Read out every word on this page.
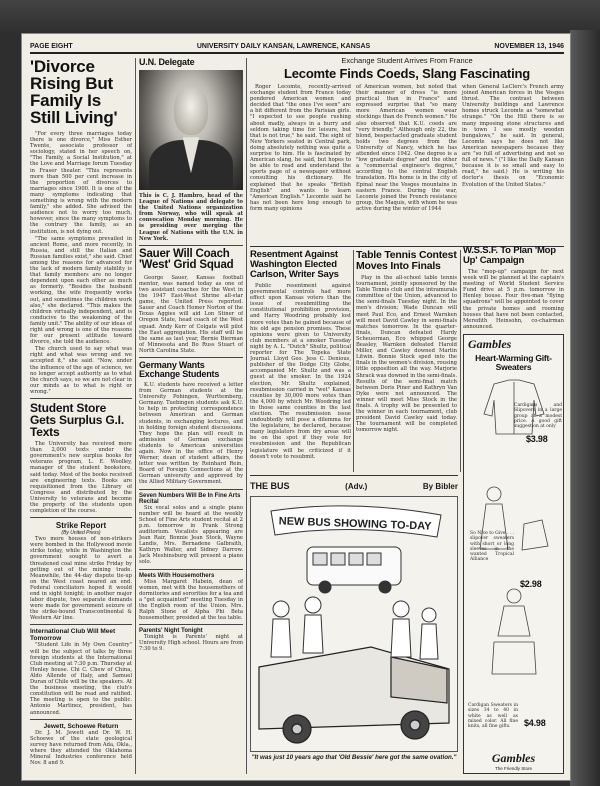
PAGE EIGHT	UNIVERSITY DAILY KANSAN, LAWRENCE, KANSAS	NOVEMBER 13, 1946
'Divorce Rising But Family Is Still Living'

"For every three marriages today there is one divorce," Miss Esther Twente, associate professor of sociology, stated in her speech on, "The Family, a Social Institution," at the Love and Marriage forum Tuesday in Fraser theater. "This represents more than 500 per cent increase in the proportion of divorces to marriages since 1900. It is one of the many symptoms indicating that something is wrong with the modern family," she added. She advised the audience not to worry too much, however, since the many symptoms to the contrary the family, as an institution, is not dying out.

"The same symptoms prevailed in ancient Rome, and more recently, in Russia, and still the Italian and Russian families exist," she said. Chief among the reasons for advanced for the lack of modern family stability is that family members are no longer dependent upon each other as much as formerly. "Besides the husband working, the wife frequently works out, and sometimes the children work also," she declared. "This makes the children virtually independent, and is conducive to the weakening of the family unit." The ability of our ideas of right and wrong is one of the reasons for our present attitude toward divorce, she told the audience.

The church used to say what was right and what was wrong and we accepted it," she said. "Now, under the influence of the age of science, we no longer accept authority as to what the church says, so we are not clear in our minds as to what is right or wrong."

Student Store Gets Surplus G.I. Texts

The University has received more than 2,000 texts under the government's new surplus books for veterans program, L. E. Woolley, manager of the student bookstore, said today. Most of the books received are engineering texts. Books are requisitioned from the Library of Congress and distributed by the University to veterans and become the property of the students upon completion of the course.

Strike Report
(By United Press)

Two more houses of non-strikers were bombed in the Hollywood movie strike today, while in Washington the government sought to avert a threatened coal mine strike Friday by getting out of the mining trade. Meanwhile, the 44-day dispute tie-up on the West coast neared an end. Federal conciliators hoped it would end in sight tonight; in another major labor dispute, two separate demands were made for government seizure of the strike-bound Transcontinental & Western Air line.

International Club Will Meet Tomorrow

"Student Life in My Own Country" will be the subject of talks by three foreign students at the International Club meeting at 7:30 p.m. Thursday at Henley house. Chi C. Chew of China, Aldo Allende of Italy, and Samuel Duran of Chile will be the speakers. At the business meeting, the club's constitution will be read and ratified. The meeting is open to the public. Antonio Martinez, president, has announced.

Jewett, Schoewe Return

Dr. J. M. Jewett and Dr. W. H. Schoewe of the state geological survey have returned from Ada, Okla., where they attended the Oklahoma Mineral Industries conference held Nov. 8 and 9.

U.N. Delegate

This is C. J. Hambro, head of the League of Nations and delegate to the United Nations organization from Norway, who will speak at convocation Monday morning. He is presiding over merging the League of Nations with the U.N. in New York.

Sauer Will Coach 'West' Grid Squad

George Sauer, Kansas football mentor, was named today as one of two assistant coaches for the West in the 1947 East-West Shrine all-star game, the United Press reported. Sauer and Coach Homer Norton of the Texas Aggies will aid Lon Stiner of Oregon State, head coach of the West squad. Andy Kerr of Colgate will pilot the East aggregation. His staff will be the same as last year, Bernie Bierman of Minnesota and Bo Russ Stuart of North Carolina State.

Germany Wants Exchange Students

K.U. students have received a letter from German students at the University Pohingen, Wurttemberg, Germany. Tuebingen students ask K.U. to help in protecting correspondence between American and German students, in exchanging lectures, and in holding foreign student discussions. They hope the plan will result in admission of German exchange students to American universities again. Now in the office of Henry Werner, dean of student affairs, the letter was written by Reinhard Rein, Board of Foreign Connections at the German university and approved by the Allied Military Government.

Seven Numbers Will Be In Fine Arts Recital

Six vocal solos and a single piano number will be heard at the weekly School of Fine Arts student recital at 2 p.m. tomorrow in Frank Strong auditorium. Vocalists appearing are Jean Rair, Bonnie Jean Stock, Wayne Landis, Mrs. Bernadene Galbraith, Kathryn Walter, and Sidney Darrow. Jack Meshinsburg will present a piano solo.

Meets With Housemothers

Miss Margaret Habein, dean of women, met with the housemothers of dormitories and sororities for a tea and a "get acquainted" meeting Tuesday in the English room of the Union. Mrs. Ralph Stone of Alpha Phi Beta housemother, presided at the tea table.

Parents' Night Tonight

Tonight is Parents' night at University High school. Hours are from 7:30 to 9.

Exchange Student Arrives From France
Lecomte Finds Coeds, Slang Fascinating

Roger Lecomte, recently-arrived exchange student from France today pondered American women and decided that "the ones I've seen" are a bit different from the Parisian girls. "I expected to see people rushing about madly, always in a hurry and seldom taking time for leisure, but that is not true," he said. The sight of New Yorkers seated in Central park, doing absolutely nothing was quite a surprise to him. He is fascinated by American slang, he said, but hopes to be able to read and understand the sports page of a newspaper without consulting his dictionary. He explained that he speaks "British English" and wants to learn "American English." Lecomte said he has not been here long enough to form many opinions

of American women, but noted that their manner of dress "is more practical than in France" and expressed surprise that "so many more American women wear stockings than do French women." He also observed that K.U. coeds are "very friendly." Although only 22, the blond, bespectacled graduate student holds two degrees from the University of Nancy, which he has attended since 1942. One degree is a "low graduate degree" and the other a "commercial engineer's degree," according to the central English translation. His home is in the city of Epinal near the Vosges mountains in eastern France. During the war, Lecomte joined the French resistance group, the Maquis, with whom he was active during the winter of 1944

when General LeClerc's French army joined American forces in the Vosges thrust. The contrast between University buildings and Lawrence homes struck Lecomte as "somewhat strange." "On the Hill there is so many imposing stone structures and in town I see mostly wooden bungalows," he said. In general, Lecomte says he does not like American newspapers because they are "so full of advertising and not so full of news." ("I like the Daily Kansan because it is so small and easy to read," he said.) He is writing his doctor's thesis on "Economic Evolution of the United States."

Resentment Against Washington Elected Carlson, Writer Says

Public resentment against governmental controls had more effect upon Kansas voters than the issue of resubmitting the constitutional prohibition provision, and Harry Woodring probably lost more votes than he gained because of his old age pension promises. These opinions were given to University club members at a smoker Tuesday night by A. L. "Dutch" Shultz, political reporter for The Topeka State Journal. Lloyd Geo. Jess C. Denious, publisher of the Dodge City Globe, accompanied Mr. Shultz and was a guest at the smoker. In the 1924 election, Mr. Shultz explained, resubmission carried in "wet" Kansas counties by 30,000 more votes than the 4,000 by which Mr. Woodring led in those same counties in the last election. The resubmission issue undoubtedly will pose a dilemma for the legislature, he declared, because many legislators from dry areas will be on the spot if they vote for resubmission and the Republican legislature will be criticized if it doesn't vote to resubmit.

Table Tennis Contest Moves Into Finals

Play in the all-school table tennis tournament, jointly sponsored by the Table Tennis club and the intramurals committee of the Union, advanced to the semi-finals Tuesday night. In the men's division; Wade Duncan will meet Paul Eco, and Ernest Warnken will meet David Cawley in semi-finals matches tomorrow. In the quarter-finals, Duncan defeated Hardy Scheuerman, Eco whipped George Beasley, Warnken defeated Harold Miller, and Cawley downed Martin Litwin. Bonnie Stock sped into the finals in the women's division, rousing little opposition all the way. Marjorie Shrack was downed in the semi-finals. Results of the semi-final match between Doris Piner and Kathryn Van Dyke were not announced. The winner will meet Miss Stock in the finals. A trophy will be presented to the winner in each tournament, club president David Cawley said today. The tournament will be completed tomorrow night.

W.S.S.F. To Plan 'Mop Up' Campaign

The "mop-up" campaign for next week will be planned at the captain's meeting of World Student Service Fund drive at 5 p.m. tomorrow in Henley house. Four five-man "flying squadrons" will be appointed to cover the private homes and rooming houses that have not been contacted, Meredith Heinsohn, co-chairman announced.

Gambles
Heart-Warming Gift-Sweaters
Cardigans and Slipovers in a large group at a modest price. A good gift suggestion at only
$3.98
So Nice to Give . . . slipover sweaters with short or long sleeves in the wanted Tropical Alliance
$2.98
Cardigan Sweaters in sizes 34 to 40 in white as well as mixed color. All fine knits, all fine gifts.	$4.98
Gambles
The Friendly Store
THE BUS	(Adv.)	By Bibler
NEW BUS SHOWING TO-DAY
"It was just 10 years ago that 'Old Bessie' here got the same ovation."
